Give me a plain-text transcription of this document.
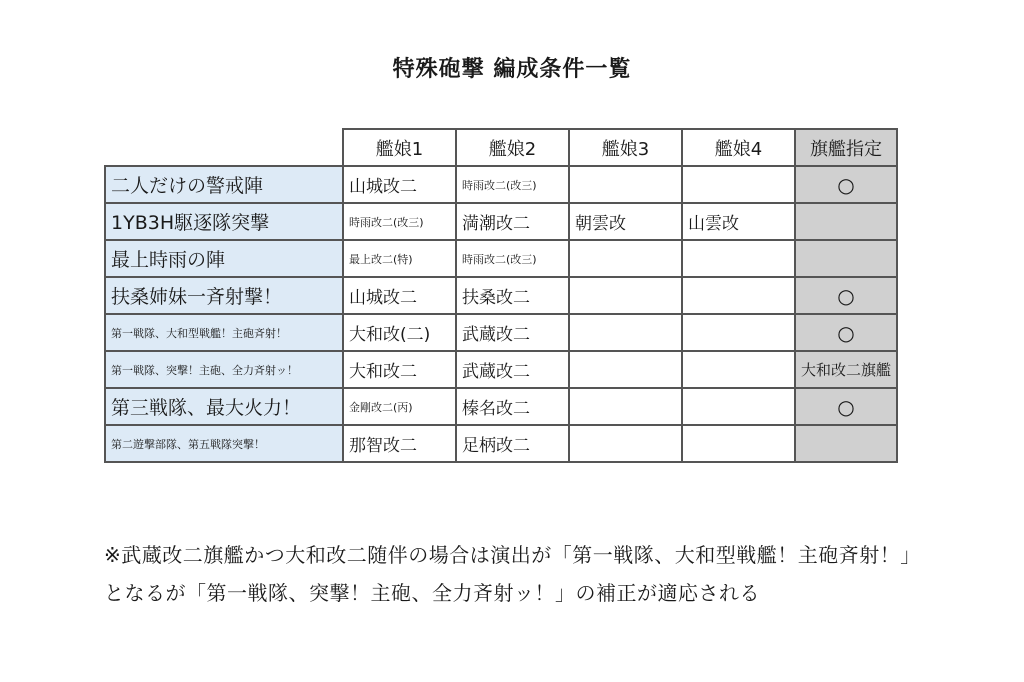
特殊砲撃 編成条件一覧
	艦娘1	艦娘2	艦娘3	艦娘4	旗艦指定
二人だけの警戒陣	山城改二	時雨改二(改三)			○
1YB3H駆逐隊突撃	時雨改二(改三)	満潮改二	朝雲改	山雲改	
最上時雨の陣	最上改二(特)	時雨改二(改三)			
扶桑姉妹一斉射撃！	山城改二	扶桑改二			○
第一戦隊、大和型戦艦！主砲斉射！	大和改(二)	武蔵改二			○
第一戦隊、突撃！主砲、全力斉射ッ！	大和改二	武蔵改二			大和改二旗艦
第三戦隊、最大火力！	金剛改二(丙)	榛名改二			○
第二遊撃部隊、第五戦隊突撃！	那智改二	足柄改二			
※武蔵改二旗艦かつ大和改二随伴の場合は演出が「第一戦隊、大和型戦艦！主砲斉射！」となるが「第一戦隊、突撃！主砲、全力斉射ッ！」の補正が適応される
